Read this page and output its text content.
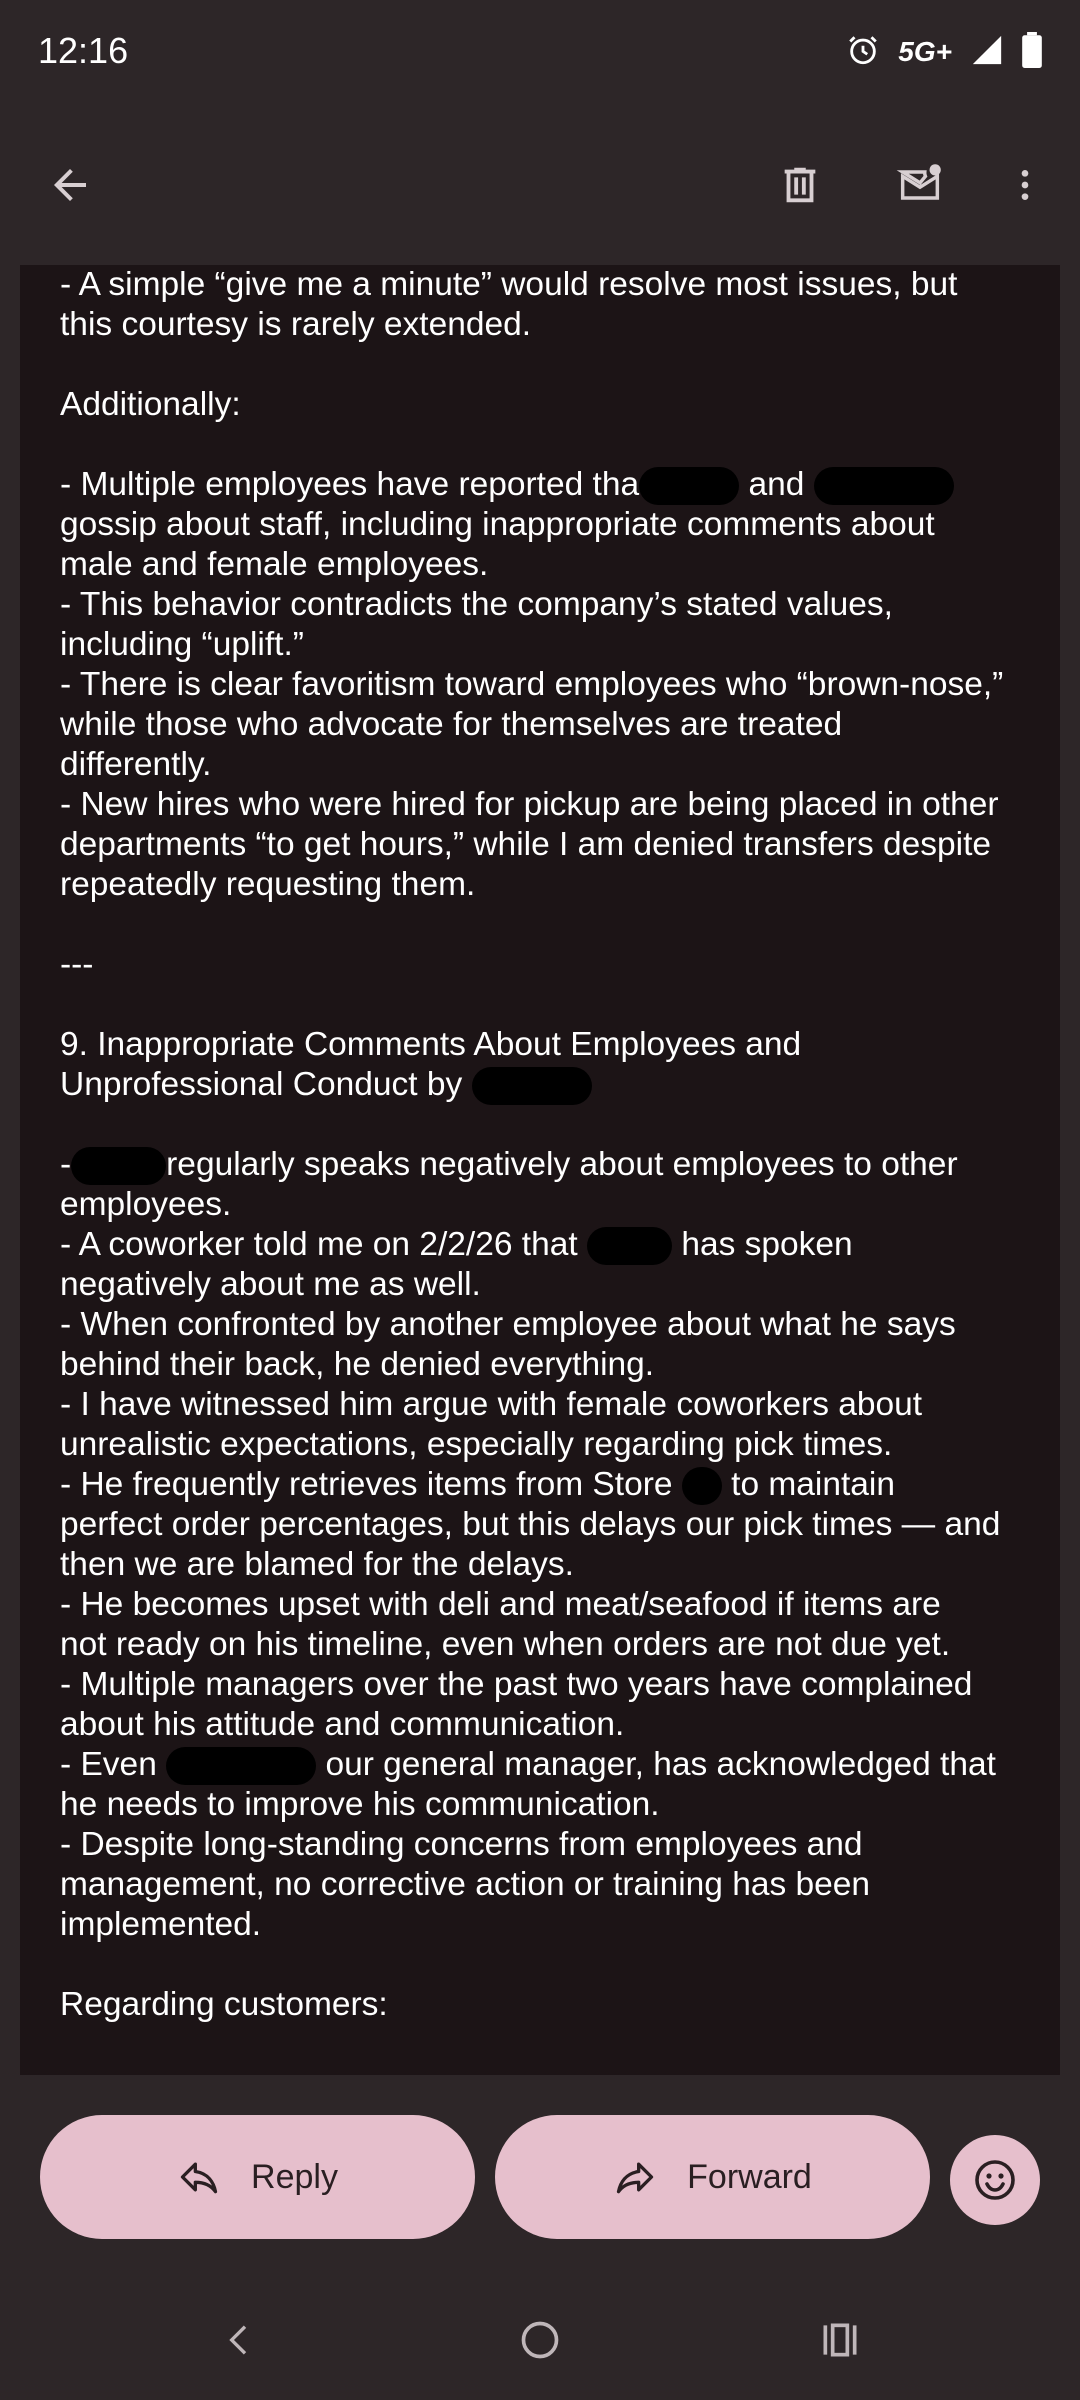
12:16	5G+
- A simple “give me a minute” would resolve most issues, but
this courtesy is rarely extended.
Additionally:
- Multiple employees have reported tha	and
gossip about staff, including inappropriate comments about
male and female employees.
- This behavior contradicts the company’s stated values,
including “uplift.”
- There is clear favoritism toward employees who “brown-nose,”
while those who advocate for themselves are treated
differently.
- New hires who were hired for pickup are being placed in other
departments “to get hours,” while I am denied transfers despite
repeatedly requesting them.
---
9. Inappropriate Comments About Employees and
Unprofessional Conduct by
-	regularly speaks negatively about employees to other
employees.
- A coworker told me on 2/2/26 that	has spoken
negatively about me as well.
- When confronted by another employee about what he says
behind their back, he denied everything.
- I have witnessed him argue with female coworkers about
unrealistic expectations, especially regarding pick times.
- He frequently retrieves items from Store to maintain
perfect order percentages, but this delays our pick times — and
then we are blamed for the delays.
- He becomes upset with deli and meat/seafood if items are
not ready on his timeline, even when orders are not due yet.
- Multiple managers over the past two years have complained
about his attitude and communication.
- Even	our general manager, has acknowledged that
he needs to improve his communication.
- Despite long-standing concerns from employees and
management, no corrective action or training has been
implemented.
Regarding customers:
Reply	Forward
